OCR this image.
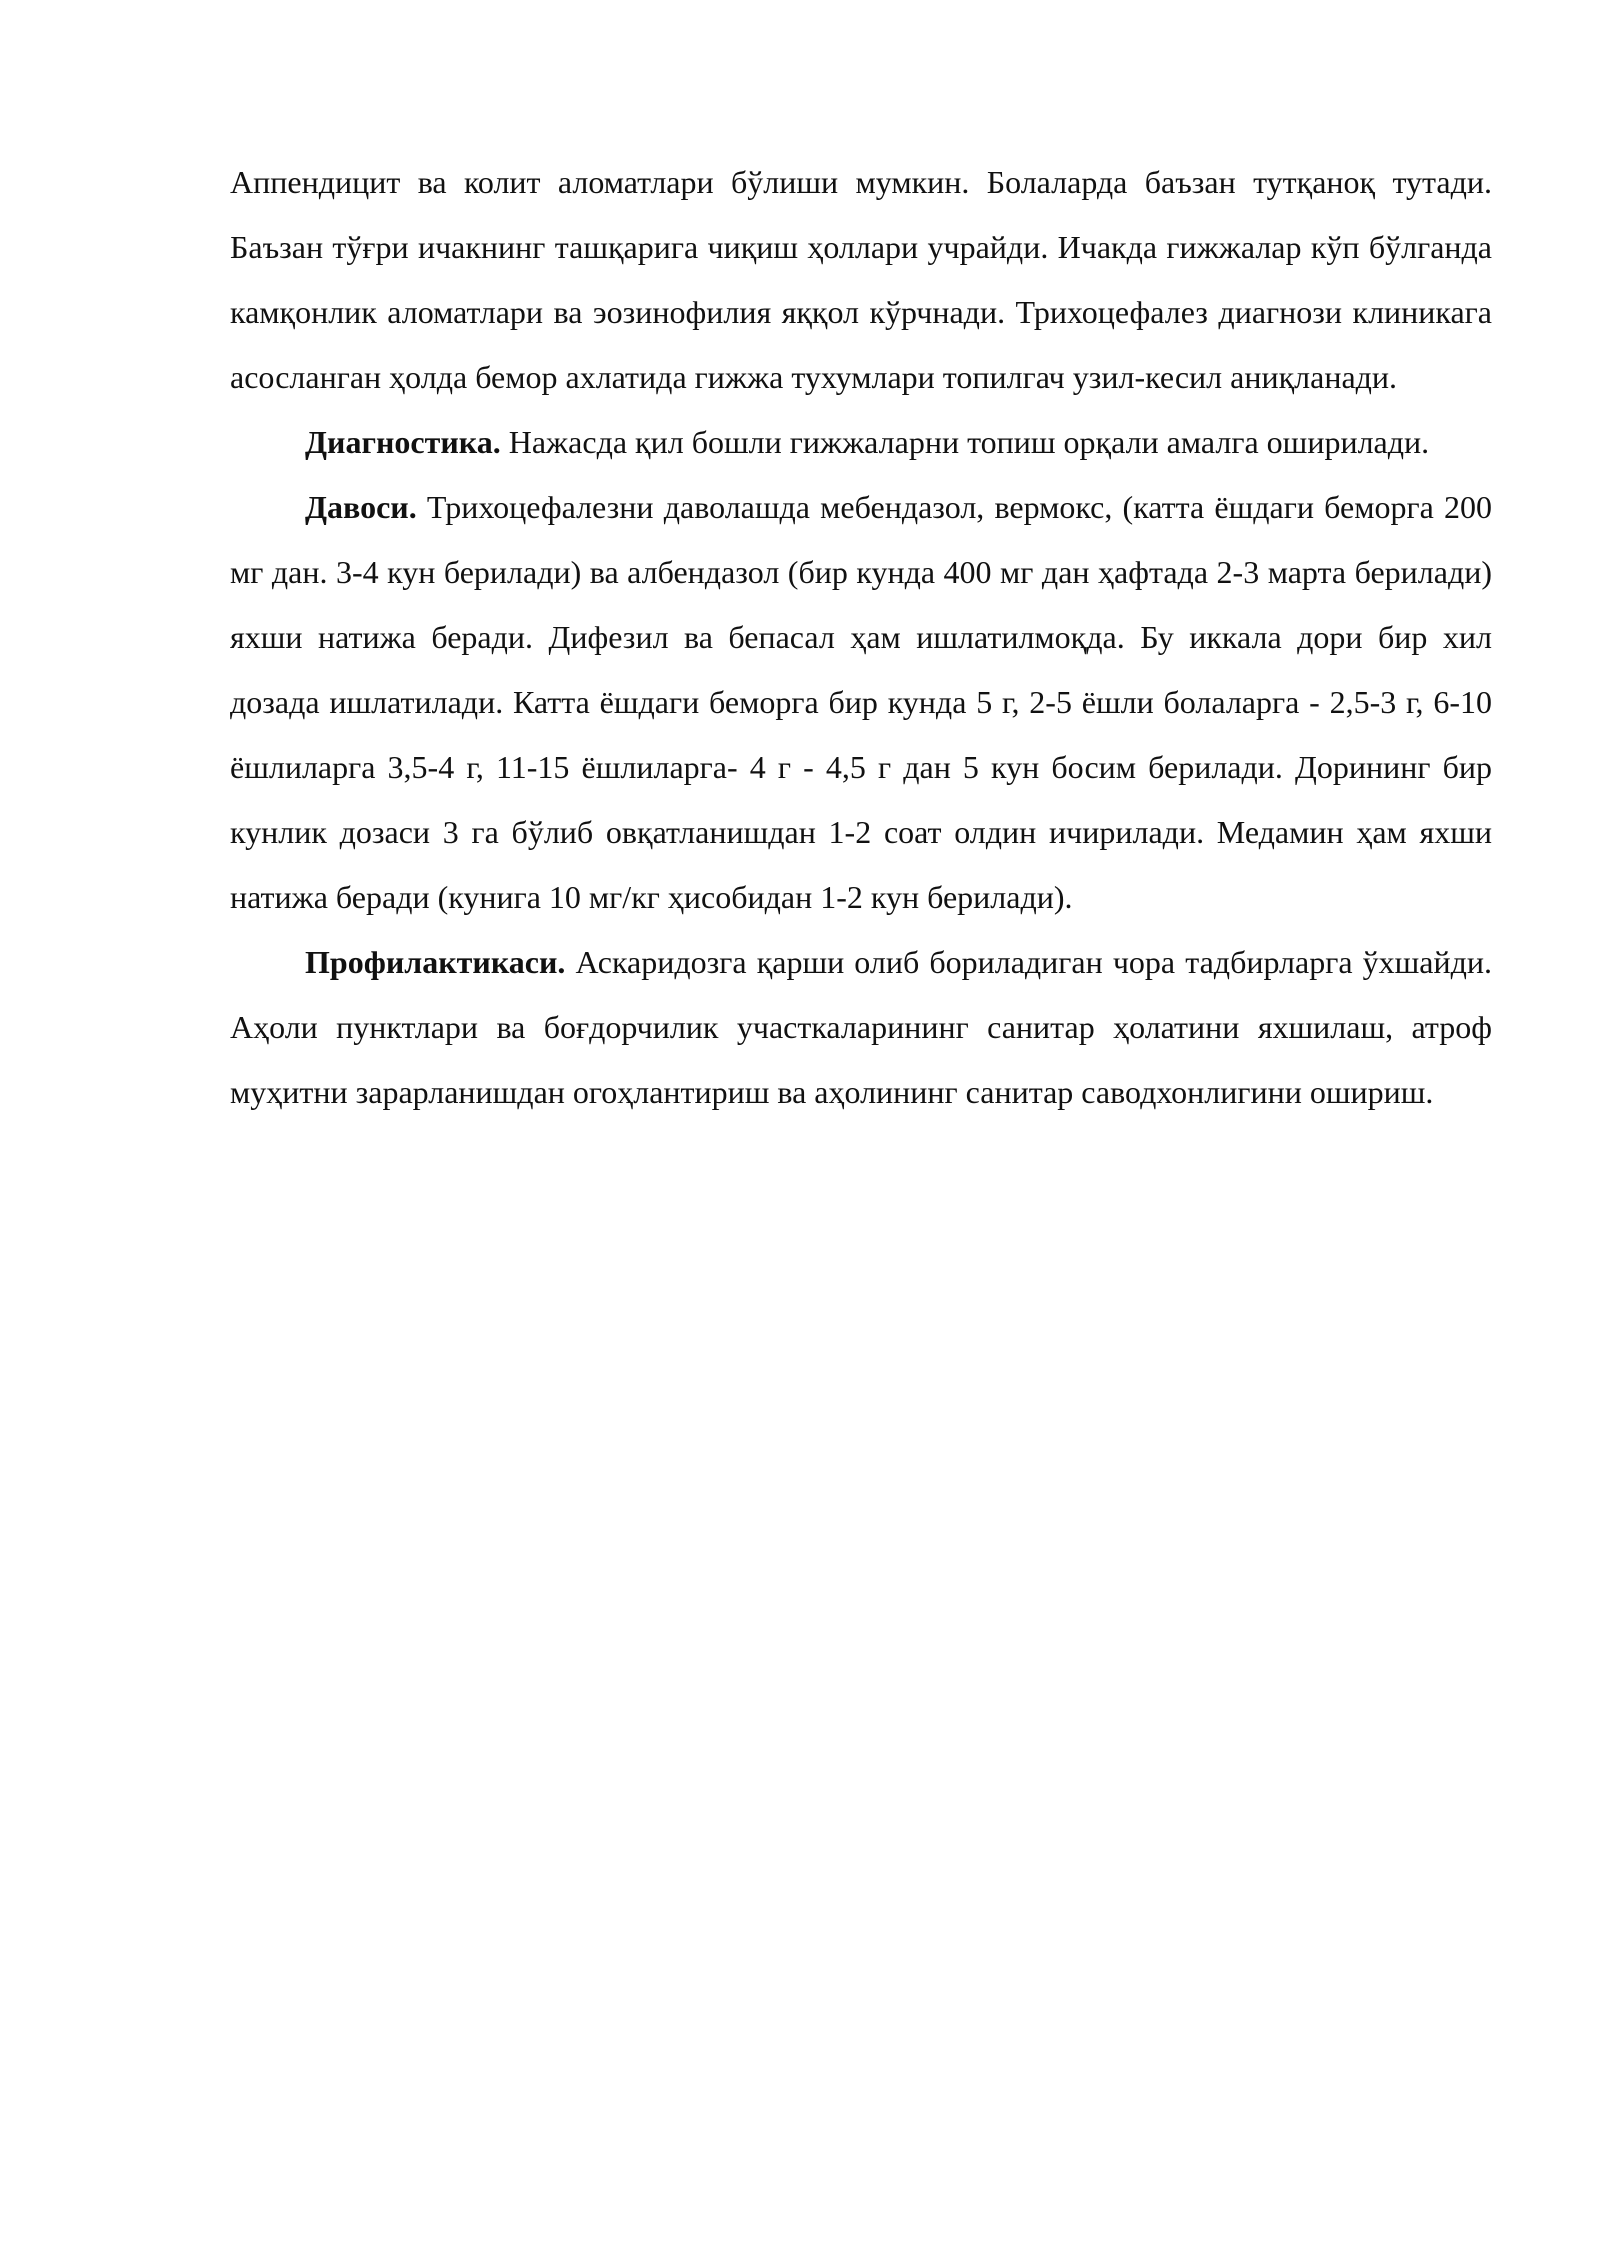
Аппендицит ва колит аломатлари бўлиши мумкин. Болаларда баъзан тутқаноқ тутади. Баъзан тўғри ичакнинг ташқарига чиқиш ҳоллари учрайди. Ичакда гижжалар кўп бўлганда камқонлик аломатлари ва эозинофилия яққол кўрчнади. Трихоцефалез диагнози клиникага асосланган ҳолда бемор ахлатида гижжа тухумлари топилгач узил-кесил аниқланади.

Диагностика. Нажасда қил бошли гижжаларни топиш орқали амалга оширилади.

Давоси. Трихоцефалезни даволашда мебендазол, вермокс, (катта ёшдаги беморга 200 мг дан. 3-4 кун берилади) ва албендазол (бир кунда 400 мг дан ҳафтада 2-3 марта берилади) яхши натижа беради. Дифезил ва бепасал ҳам ишлатилмоқда. Бу иккала дори бир хил дозада ишлатилади. Катта ёшдаги беморга бир кунда 5 г, 2-5 ёшли болаларга - 2,5-3 г, 6-10 ёшлиларга 3,5-4 г, 11-15 ёшлиларга- 4 г - 4,5 г дан 5 кун босим берилади. Дорининг бир кунлик дозаси 3 га бўлиб овқатланишдан 1-2 соат олдин ичирилади. Медамин ҳам яхши натижа беради (кунига 10 мг/кг ҳисобидан 1-2 кун берилади).

Профилактикаси. Аскаридозга қарши олиб бориладиган чора тадбирларга ўхшайди. Аҳоли пунктлари ва боғдорчилик участкаларининг санитар ҳолатини яхшилаш, атроф муҳитни зарарланишдан огоҳлантириш ва аҳолининг санитар саводхонлигини ошириш.
